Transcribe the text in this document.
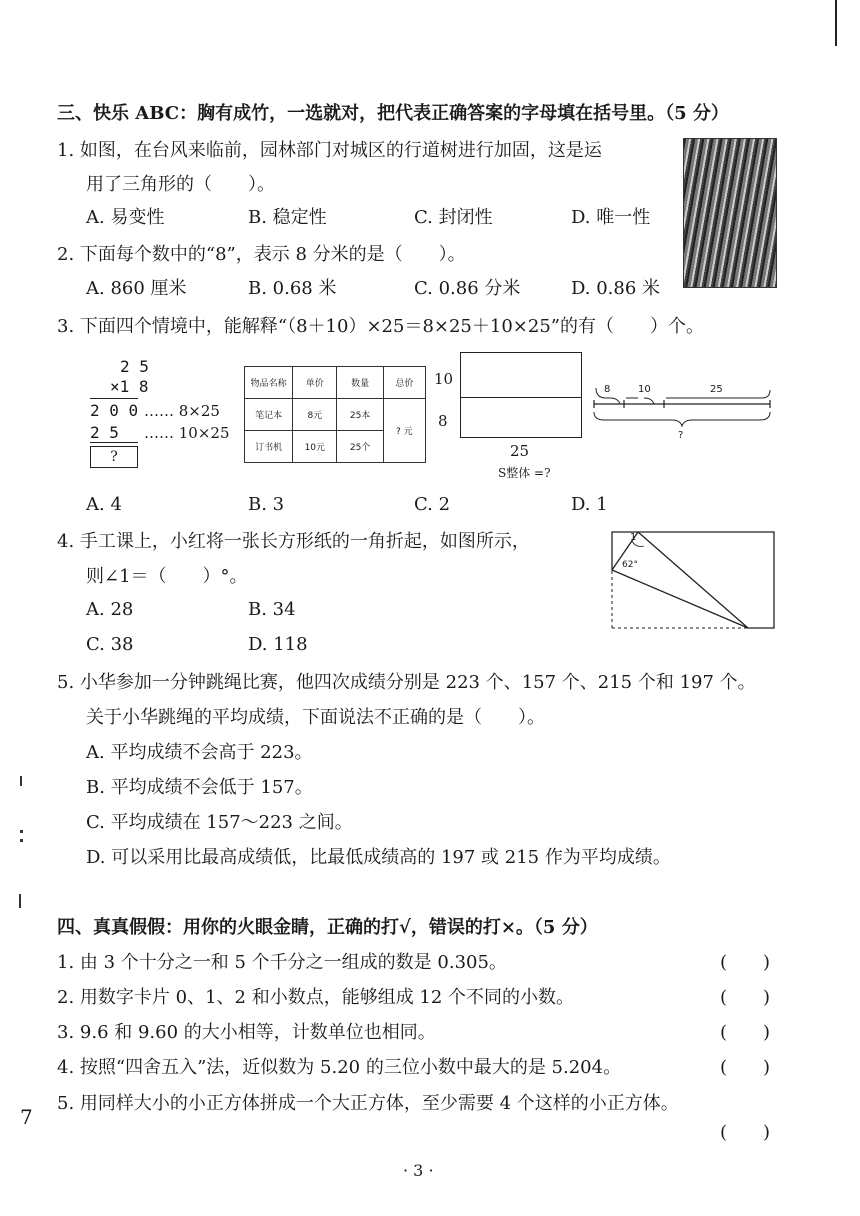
三、快乐 ABC：胸有成竹，一选就对，把代表正确答案的字母填在括号里。（5 分）
1. 如图，在台风来临前，园林部门对城区的行道树进行加固，这是运
用了三角形的（　　）。
A. 易变性	B. 稳定性	C. 封闭性	D. 唯一性
2. 下面每个数中的“8”，表示 8 分米的是（　　）。
A. 860 厘米	B. 0.68 米	C. 0.86 分米	D. 0.86 米
3. 下面四个情境中，能解释“（8＋10）×25＝8×25＋10×25”的有（　　）个。
2 5
×1 8
2 0 0 …… 8×25
2 5 …… 10×25
?
物品名称	单价	数量	总价
笔记本	8元	25本	? 元
订书机	10元	25个	
10
8
25
S整体 =?
8	10	25
?
A. 4	B. 3	C. 2	D. 1
4. 手工课上，小红将一张长方形纸的一角折起，如图所示，
则∠1＝（　　）°。
A. 28	B. 34
C. 38	D. 118
1
62°
5. 小华参加一分钟跳绳比赛，他四次成绩分别是 223 个、157 个、215 个和 197 个。
关于小华跳绳的平均成绩，下面说法不正确的是（　　）。
A. 平均成绩不会高于 223。
B. 平均成绩不会低于 157。
C. 平均成绩在 157～223 之间。
D. 可以采用比最高成绩低，比最低成绩高的 197 或 215 作为平均成绩。
四、真真假假：用你的火眼金睛，正确的打√，错误的打×。（5 分）
1. 由 3 个十分之一和 5 个千分之一组成的数是 0.305。	(　　)
2. 用数字卡片 0、1、2 和小数点，能够组成 12 个不同的小数。	(　　)
3. 9.6 和 9.60 的大小相等，计数单位也相同。	(　　)
4. 按照“四舍五入”法，近似数为 5.20 的三位小数中最大的是 5.204。	(　　)
5. 用同样大小的小正方体拼成一个大正方体，至少需要 4 个这样的小正方体。
(　　)
7
· 3 ·
